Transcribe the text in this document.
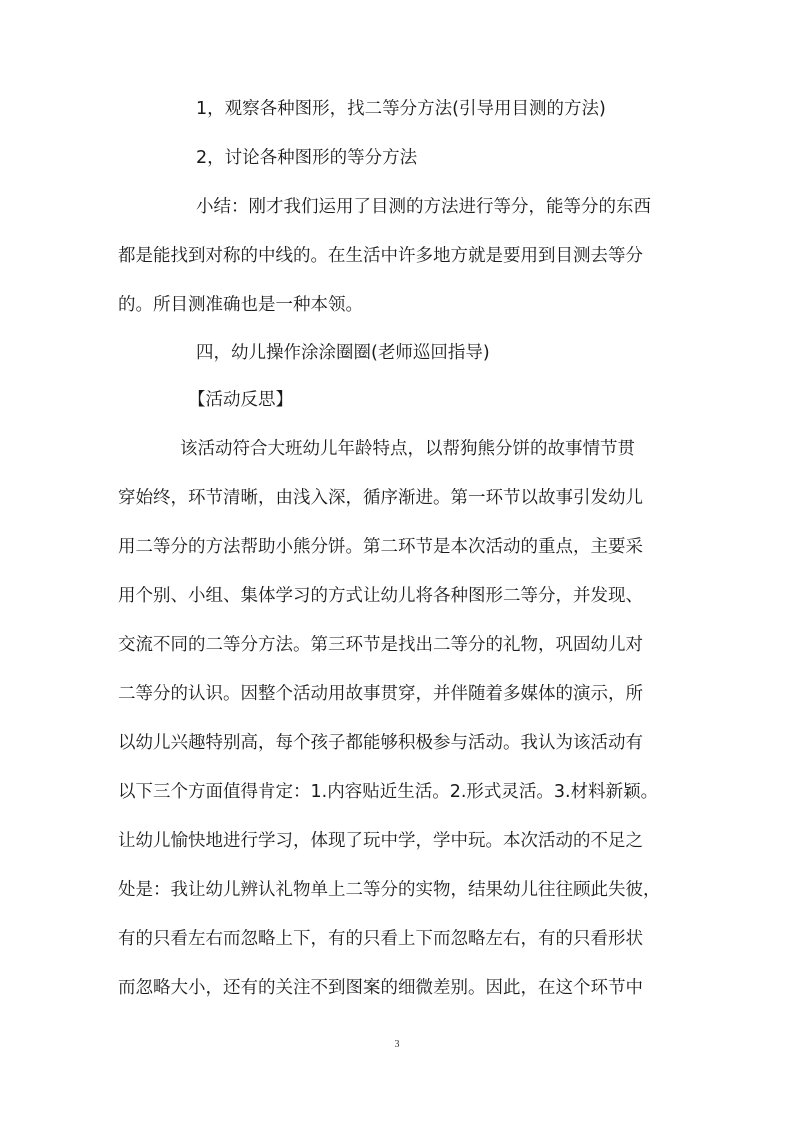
1，观察各种图形，找二等分方法(引导用目测的方法)
2，讨论各种图形的等分方法
小结：刚才我们运用了目测的方法进行等分，能等分的东西
都是能找到对称的中线的。在生活中许多地方就是要用到目测去等分
的。所目测准确也是一种本领。
四，幼儿操作涂涂圈圈(老师巡回指导)
【活动反思】
该活动符合大班幼儿年龄特点，以帮狗熊分饼的故事情节贯
穿始终，环节清晰，由浅入深，循序渐进。第一环节以故事引发幼儿
用二等分的方法帮助小熊分饼。第二环节是本次活动的重点，主要采
用个别、小组、集体学习的方式让幼儿将各种图形二等分，并发现、
交流不同的二等分方法。第三环节是找出二等分的礼物，巩固幼儿对
二等分的认识。因整个活动用故事贯穿，并伴随着多媒体的演示，所
以幼儿兴趣特别高，每个孩子都能够积极参与活动。我认为该活动有
以下三个方面值得肯定：1.内容贴近生活。2.形式灵活。3.材料新颖。
让幼儿愉快地进行学习，体现了玩中学，学中玩。本次活动的不足之
处是：我让幼儿辨认礼物单上二等分的实物，结果幼儿往往顾此失彼，
有的只看左右而忽略上下，有的只看上下而忽略左右，有的只看形状
而忽略大小，还有的关注不到图案的细微差别。因此，在这个环节中
3
